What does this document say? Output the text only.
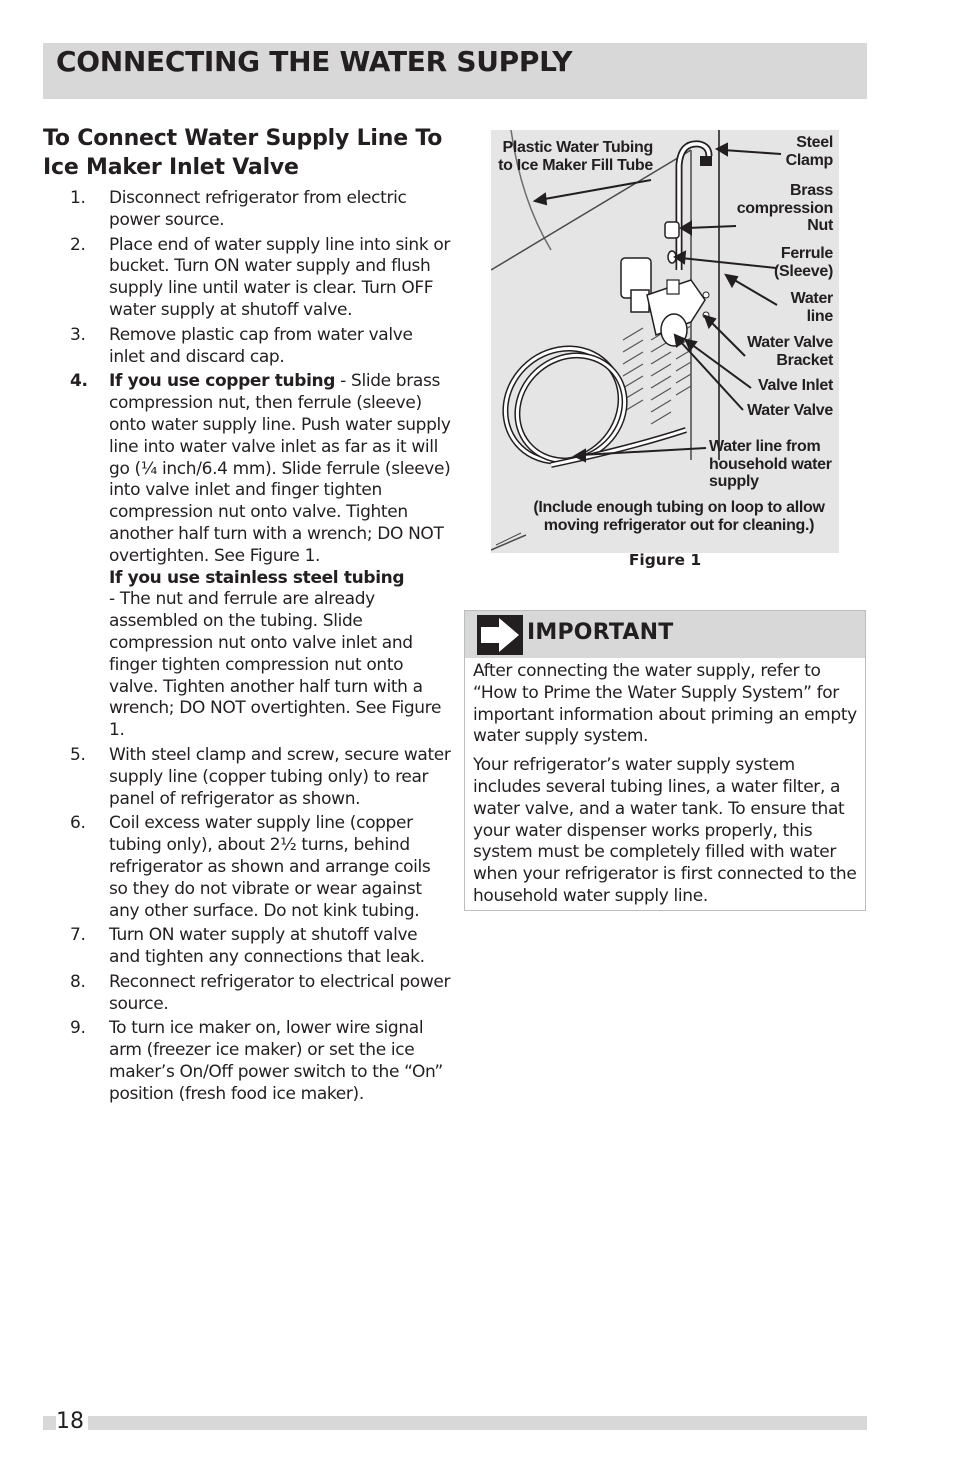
CONNECTING THE WATER SUPPLY
To Connect Water Supply Line To
Ice Maker Inlet Valve
1. Disconnect refrigerator from electric power source.
2. Place end of water supply line into sink or bucket. Turn ON water supply and flush supply line until water is clear. Turn OFF water supply at shutoff valve.
3. Remove plastic cap from water valve inlet and discard cap.
4. If you use copper tubing - Slide brass compression nut, then ferrule (sleeve) onto water supply line. Push water supply line into water valve inlet as far as it will go (¼ inch/6.4 mm). Slide ferrule (sleeve) into valve inlet and finger tighten compression nut onto valve. Tighten another half turn with a wrench; DO NOT overtighten. See Figure 1.
If you use stainless steel tubing
- The nut and ferrule are already assembled on the tubing. Slide compression nut onto valve inlet and finger tighten compression nut onto valve. Tighten another half turn with a wrench; DO NOT overtighten. See Figure 1.
5. With steel clamp and screw, secure water supply line (copper tubing only) to rear panel of refrigerator as shown.
6. Coil excess water supply line (copper tubing only), about 2½ turns, behind refrigerator as shown and arrange coils so they do not vibrate or wear against any other surface. Do not kink tubing.
7. Turn ON water supply at shutoff valve and tighten any connections that leak.
8. Reconnect refrigerator to electrical power source.
9. To turn ice maker on, lower wire signal arm (freezer ice maker) or set the ice maker’s On/Off power switch to the “On” position (fresh food ice maker).
Plastic Water Tubing to Ice Maker Fill Tube
Steel Clamp
Brass compression Nut
Ferrule (Sleeve)
Water line
Water Valve Bracket
Valve Inlet
Water Valve
Water line from household water supply
(Include enough tubing on loop to allow moving refrigerator out for cleaning.)
Figure 1
IMPORTANT

After connecting the water supply, refer to “How to Prime the Water Supply System” for important information about priming an empty water supply system.

Your refrigerator’s water supply system includes several tubing lines, a water filter, a water valve, and a water tank. To ensure that your water dispenser works properly, this system must be completely filled with water when your refrigerator is first connected to the household water supply line.

18
